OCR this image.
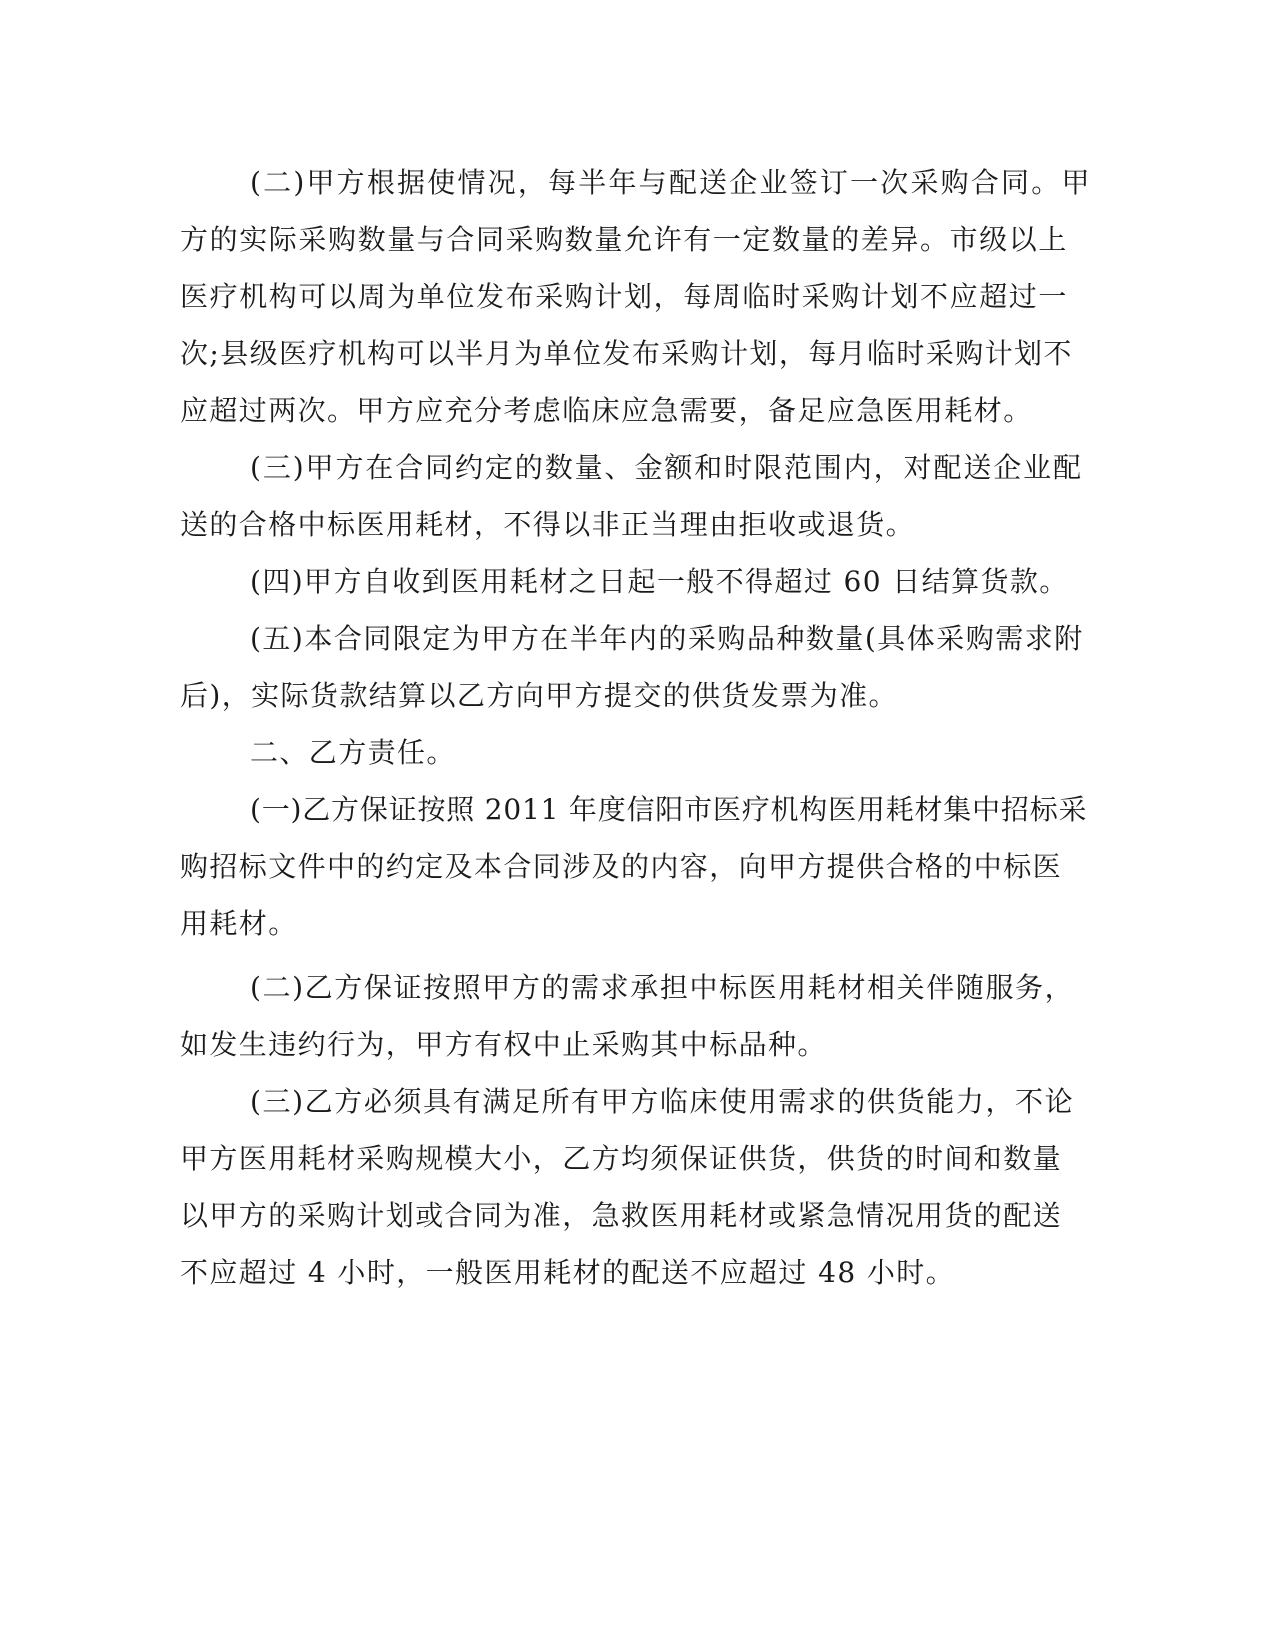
(二)甲方根据使情况，每半年与配送企业签订一次采购合同。甲

方的实际采购数量与合同采购数量允许有一定数量的差异。市级以上

医疗机构可以周为单位发布采购计划，每周临时采购计划不应超过一

次;县级医疗机构可以半月为单位发布采购计划，每月临时采购计划不

应超过两次。甲方应充分考虑临床应急需要，备足应急医用耗材。

(三)甲方在合同约定的数量、金额和时限范围内，对配送企业配

送的合格中标医用耗材，不得以非正当理由拒收或退货。

(四)甲方自收到医用耗材之日起一般不得超过 60 日结算货款。

(五)本合同限定为甲方在半年内的采购品种数量(具体采购需求附

后)，实际货款结算以乙方向甲方提交的供货发票为准。

二、乙方责任。

(一)乙方保证按照 2011 年度信阳市医疗机构医用耗材集中招标采

购招标文件中的约定及本合同涉及的内容，向甲方提供合格的中标医

用耗材。

(二)乙方保证按照甲方的需求承担中标医用耗材相关伴随服务，

如发生违约行为，甲方有权中止采购其中标品种。

(三)乙方必须具有满足所有甲方临床使用需求的供货能力，不论

甲方医用耗材采购规模大小，乙方均须保证供货，供货的时间和数量

以甲方的采购计划或合同为准，急救医用耗材或紧急情况用货的配送

不应超过 4 小时，一般医用耗材的配送不应超过 48 小时。
